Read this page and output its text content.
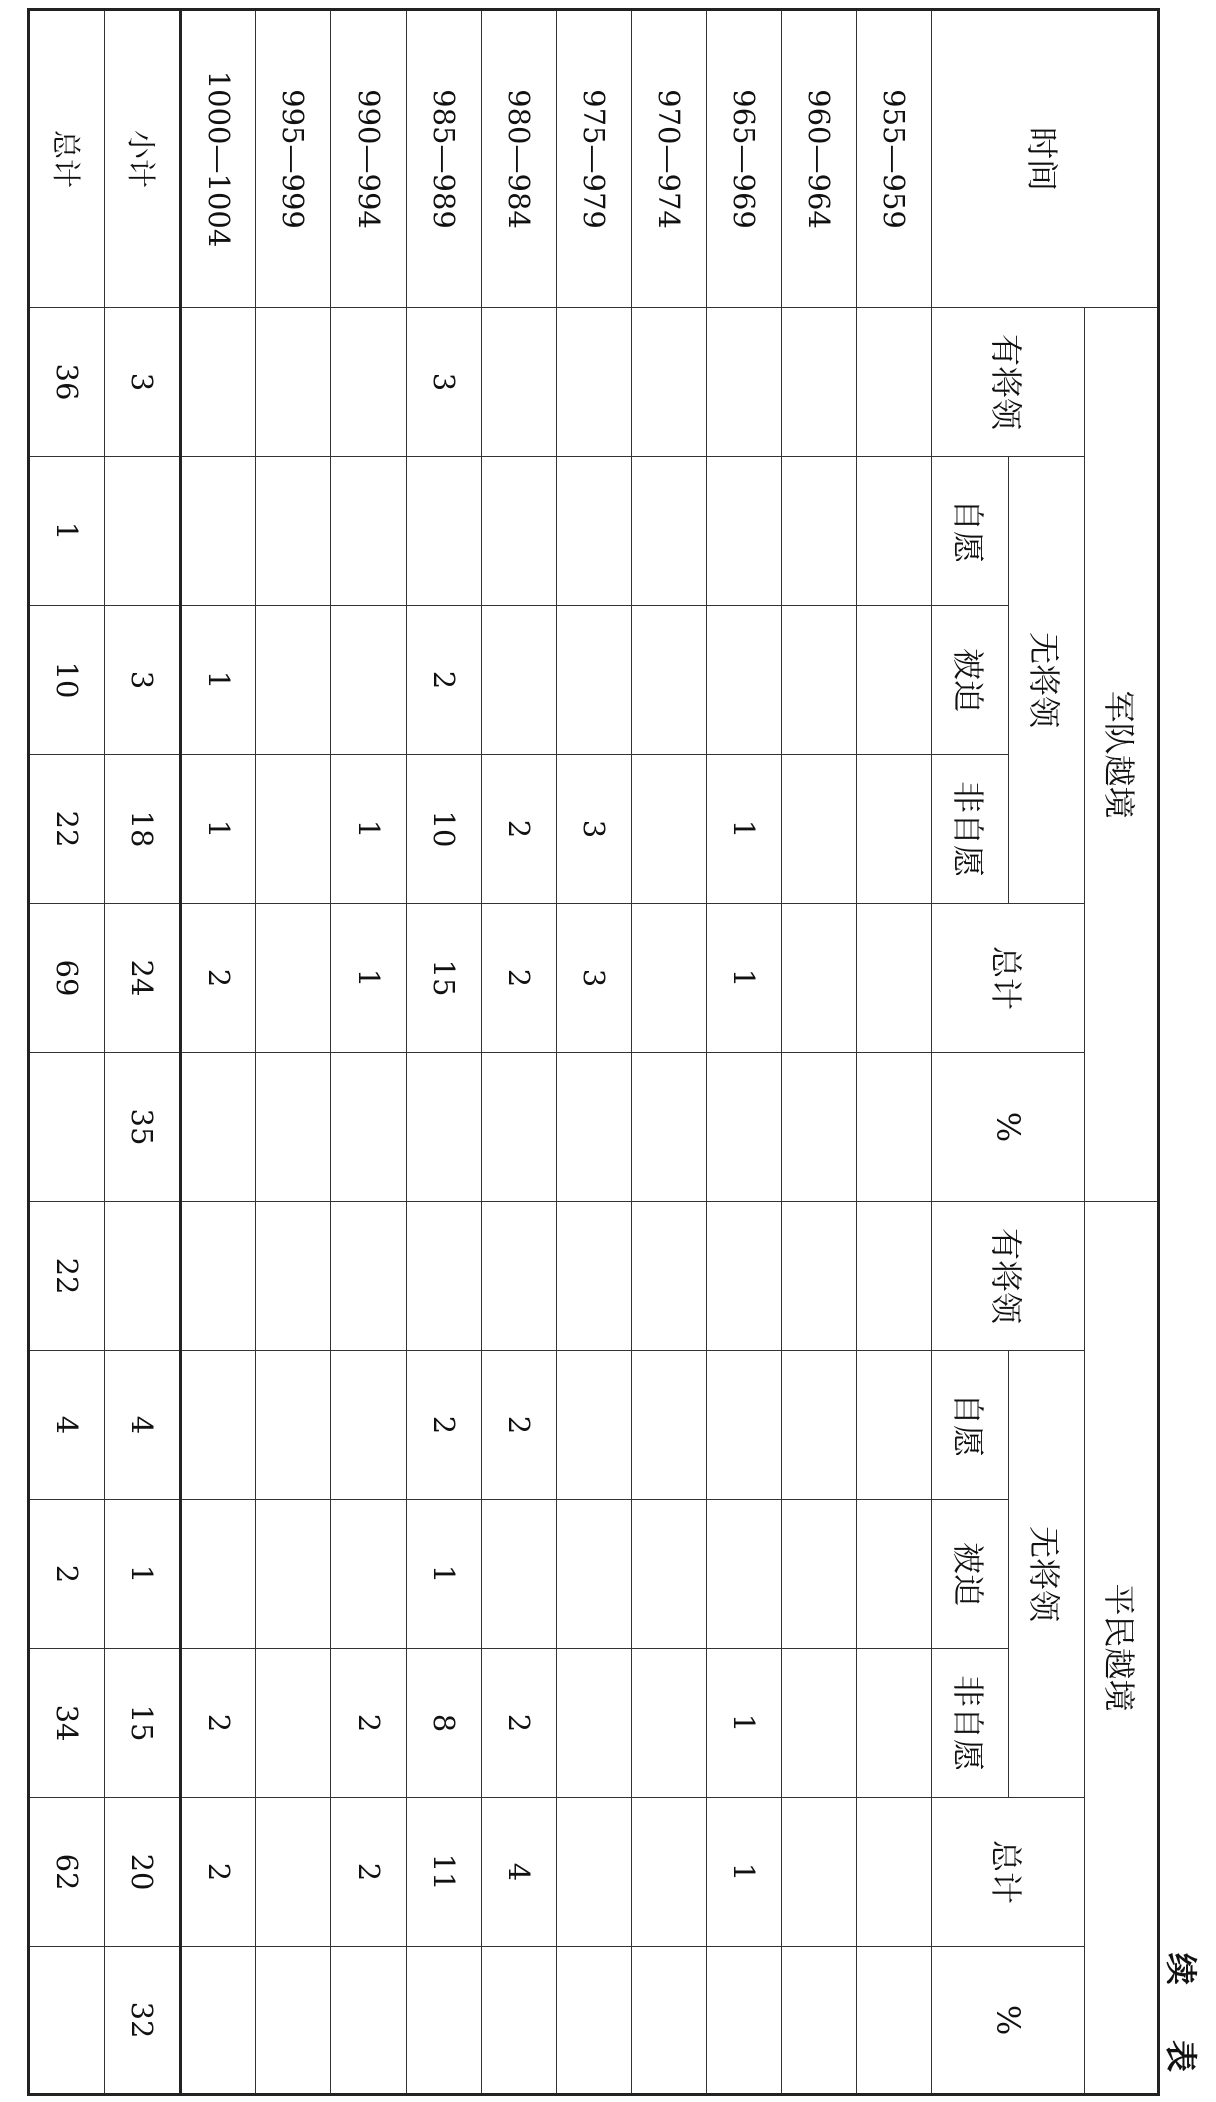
续 表
时间	军队越境						平民越境					
	有将领	无将领			总计	%	有将领	无将领			总计	%
		自愿	被迫	非自愿				自愿	被迫	非自愿		
955—959												
960—964												
965—969				1	1					1	1	
970—974												
975—979				3	3							
980—984				2	2			2		2	4	
985—989	3		2	10	15			2	1	8	11	
990—994				1	1					2	2	
995—999												
1000—1004			1	1	2					2	2	
小计	3		3	18	24	35		4	1	15	20	32
总计	36	1	10	22	69		22	4	2	34	62	
